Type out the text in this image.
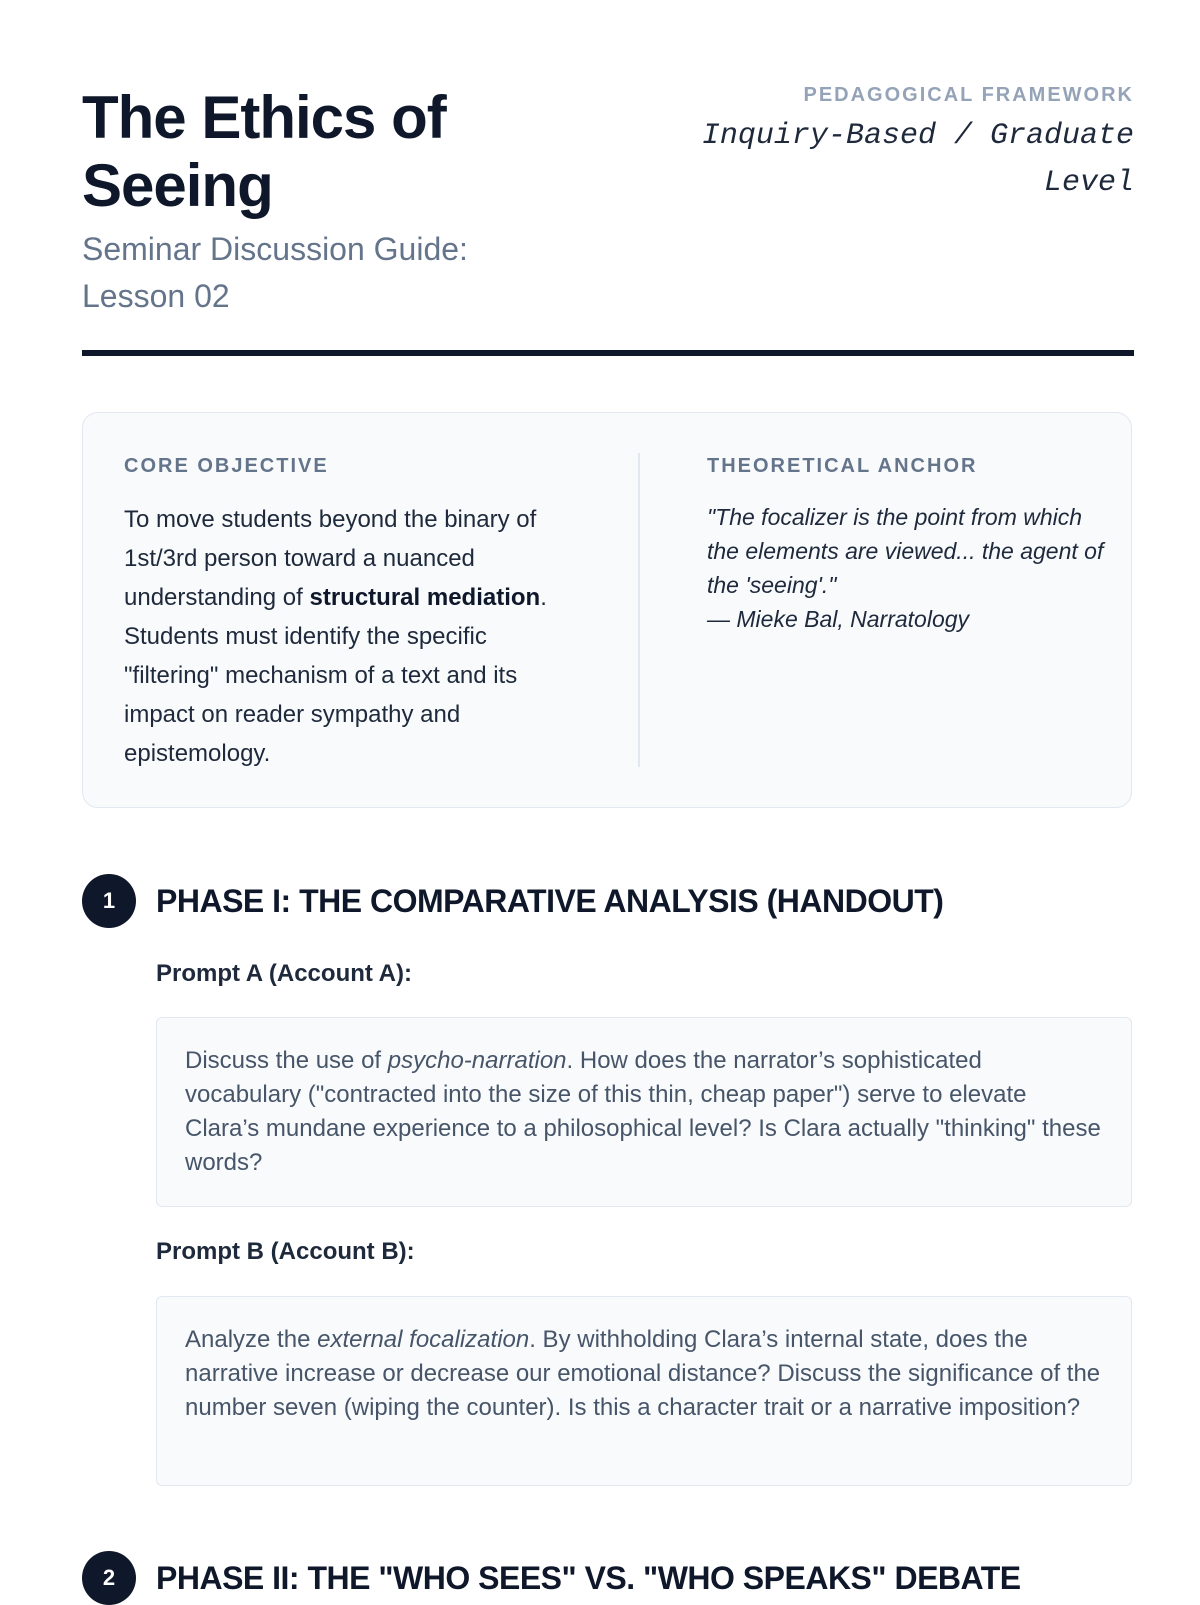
The Ethics of Seeing
Seminar Discussion Guide: Lesson 02
PEDAGOGICAL FRAMEWORK
Inquiry-Based / Graduate Level
CORE OBJECTIVE
To move students beyond the binary of 1st/3rd person toward a nuanced understanding of structural mediation. Students must identify the specific "filtering" mechanism of a text and its impact on reader sympathy and epistemology.
THEORETICAL ANCHOR
"The focalizer is the point from which the elements are viewed... the agent of the 'seeing'."
— Mieke Bal, Narratology
1	PHASE I: THE COMPARATIVE ANALYSIS (HANDOUT)
Prompt A (Account A):
Discuss the use of psycho-narration. How does the narrator’s sophisticated vocabulary ("contracted into the size of this thin, cheap paper") serve to elevate Clara’s mundane experience to a philosophical level? Is Clara actually "thinking" these words?
Prompt B (Account B):
Analyze the external focalization. By withholding Clara’s internal state, does the narrative increase or decrease our emotional distance? Discuss the significance of the number seven (wiping the counter). Is this a character trait or a narrative imposition?
2	PHASE II: THE "WHO SEES" VS. "WHO SPEAKS" DEBATE
